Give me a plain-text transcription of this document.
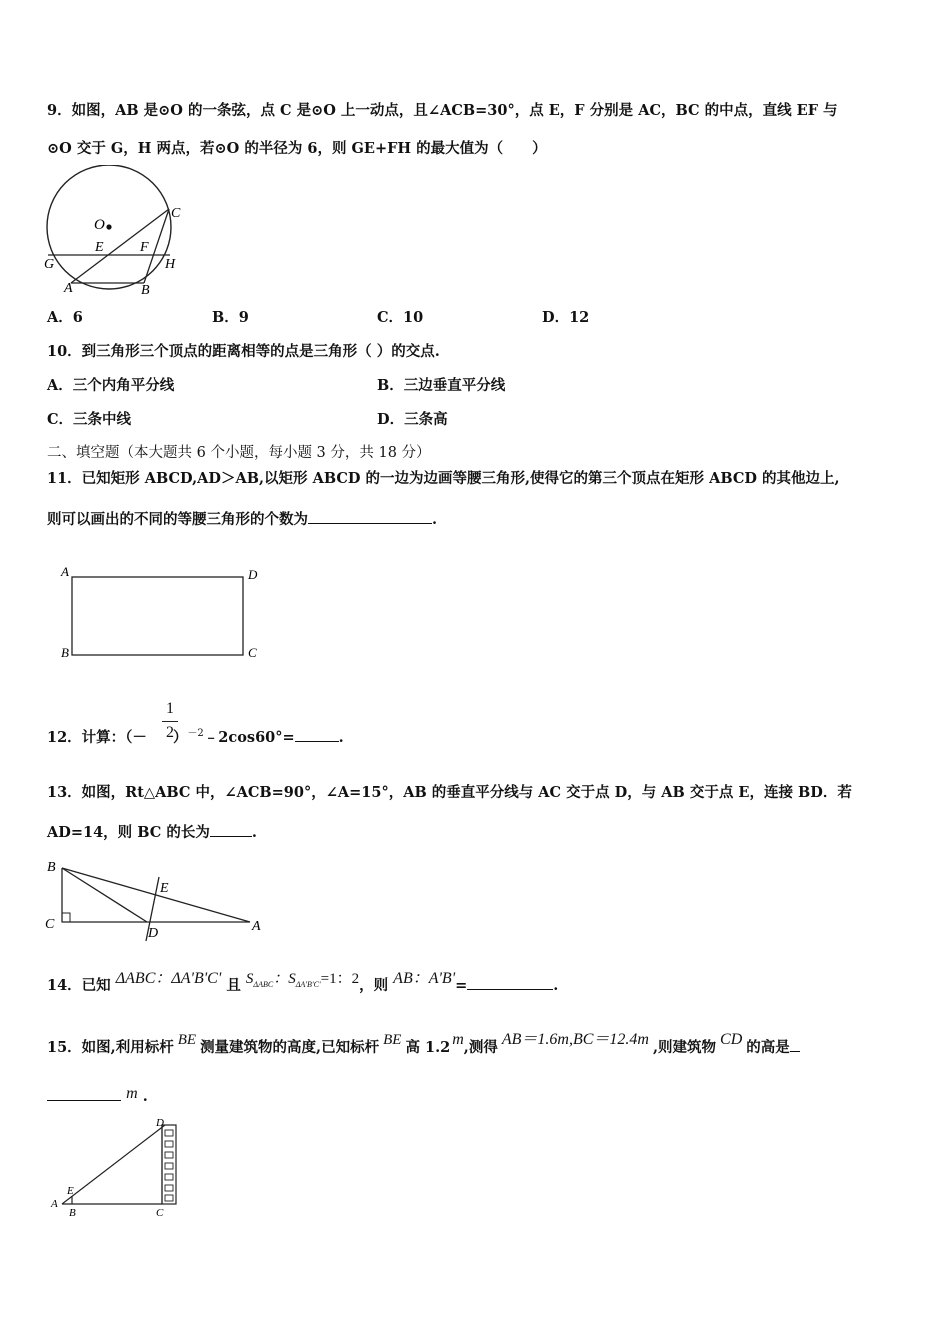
9．如图，AB 是⊙O 的一条弦，点 C 是⊙O 上一动点，且∠ACB=30°，点 E，F 分别是 AC，BC 的中点，直线 EF 与
⊙O 交于 G，H 两点，若⊙O 的半径为 6，则 GE+FH 的最大值为（　　）
O
C
E	F
G	H
A	B
A．6	B．9	C．10	D．12
10．到三角形三个顶点的距离相等的点是三角形（ ）的交点.
A．三个内角平分线	B．三边垂直平分线
C．三条中线	D．三条高
二、填空题（本大题共 6 个小题，每小题 3 分，共 18 分）
11．已知矩形 ABCD,AD＞AB,以矩形 ABCD 的一边为边画等腰三角形,使得它的第三个顶点在矩形 ABCD 的其他边上,
则可以画出的不同的等腰三角形的个数为	.
A	D
B	C
12．计算：（－ ）$^{-2}$﹣2cos60°=	.
1
2
13．如图，Rt△ABC 中，∠ACB=90°，∠A=15°，AB 的垂直平分线与 AC 交于点 D，与 AB 交于点 E，连接 BD．若
AD=14，则 BC 的长为	.
B
E
C
D	A
14．已知 ΔABC：ΔA'B'C' 且 $S_{\Delta ABC}$：$S_{\Delta A'B'C'}=1$：2，则 AB：A'B'=	.
15．如图,利用标杆 BE 测量建筑物的高度,已知标杆 BE 高 1.2 m,测得 AB＝1.6m,BC＝12.4m ,则建筑物 CD 的高是
m .
D
E
A
B	C
